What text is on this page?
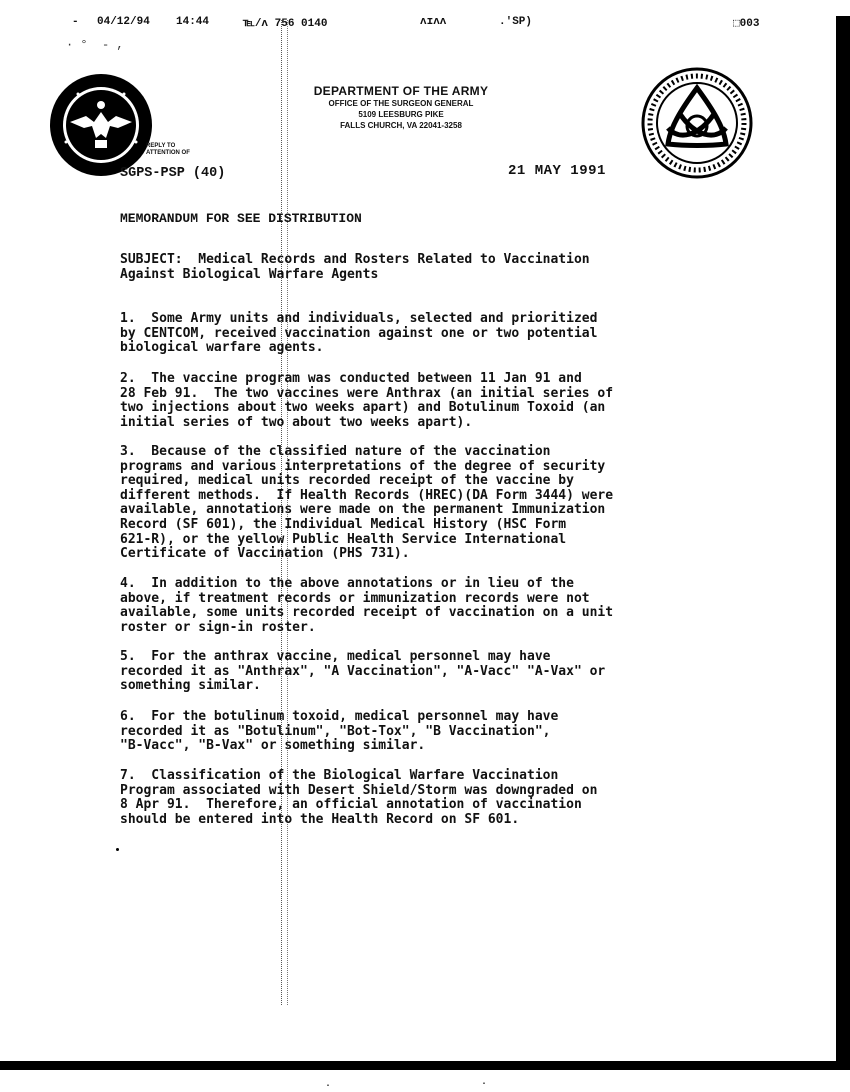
- 04/12/94 14:44	℡/ʌ 756 0140	ʌɪʌʌ	.'SP)	⬚003
· °  - ,
.·
DEPARTMENT OF THE ARMY
OFFICE OF THE SURGEON GENERAL
5109 LEESBURG PIKE
FALLS CHURCH, VA 22041-3258
REPLY TO
ATTENTION OF
SGPS-PSP (40)	21 MAY 1991
MEMORANDUM FOR SEE DISTRIBUTION
SUBJECT:  Medical Records and Rosters Related to Vaccination
Against Biological Warfare Agents
1.  Some Army units and individuals, selected and prioritized
by CENTCOM, received vaccination against one or two potential
biological warfare agents.
2.  The vaccine program was conducted between 11 Jan 91 and
28 Feb 91.  The two vaccines were Anthrax (an initial series of
two injections about two weeks apart) and Botulinum Toxoid (an
initial series of two about two weeks apart).
3.  Because of the classified nature of the vaccination
programs and various interpretations of the degree of security
required, medical units recorded receipt of the vaccine by
different methods.  If Health Records (HREC)(DA Form 3444) were
available, annotations were made on the permanent Immunization
Record (SF 601), the Individual Medical History (HSC Form
621-R), or the yellow Public Health Service International
Certificate of Vaccination (PHS 731).
4.  In addition to the above annotations or in lieu of the
above, if treatment records or immunization records were not
available, some units recorded receipt of vaccination on a unit
roster or sign-in roster.
5.  For the anthrax vaccine, medical personnel may have
recorded it as "Anthrax", "A Vaccination", "A-Vacc" "A-Vax" or
something similar.
6.  For the botulinum toxoid, medical personnel may have
recorded it as "Botulinum", "Bot-Tox", "B Vaccination",
"B-Vacc", "B-Vax" or something similar.
7.  Classification of the Biological Warfare Vaccination
Program associated with Desert Shield/Storm was downgraded on
8 Apr 91.  Therefore, an official annotation of vaccination
should be entered into the Health Record on SF 601.
